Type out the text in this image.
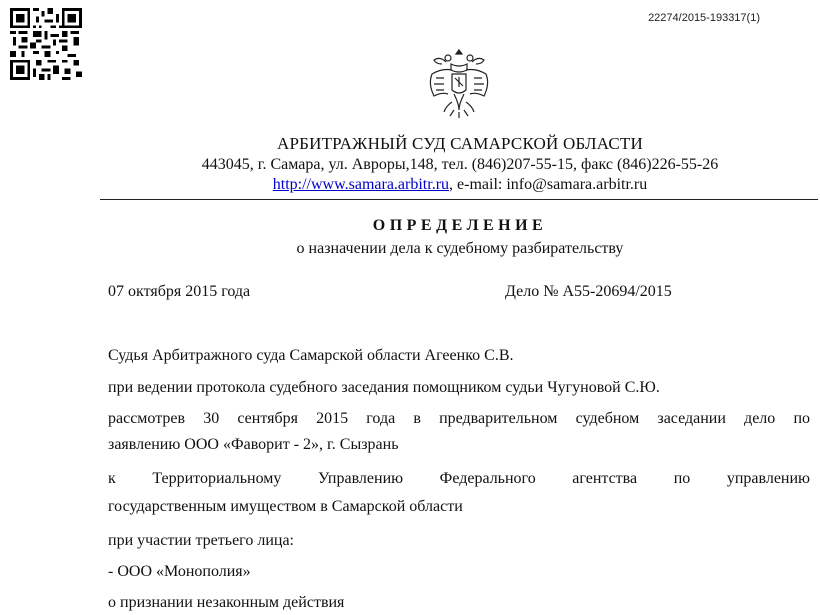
22274/2015-193317(1)
АРБИТРАЖНЫЙ СУД САМАРСКОЙ ОБЛАСТИ
443045, г. Самара, ул. Авроры,148, тел. (846)207-55-15, факс (846)226-55-26
http://www.samara.arbitr.ru, e-mail: info@samara.arbitr.ru
ОПРЕДЕЛЕНИЕ
о назначении дела к судебному разбирательству
07 октября 2015 года	Дело № А55-20694/2015
Судья Арбитражного суда Самарской области Агеенко С.В.
при ведении протокола судебного заседания помощником судьи Чугуновой С.Ю.
рассмотрев 30 сентября 2015 года в предварительном судебном заседании дело по
заявлению ООО «Фаворит - 2», г. Сызрань
к Территориальному Управлению Федерального агентства по управлению
государственным имуществом в Самарской области
при участии третьего лица:
- ООО «Монополия»
о признании незаконным действия
